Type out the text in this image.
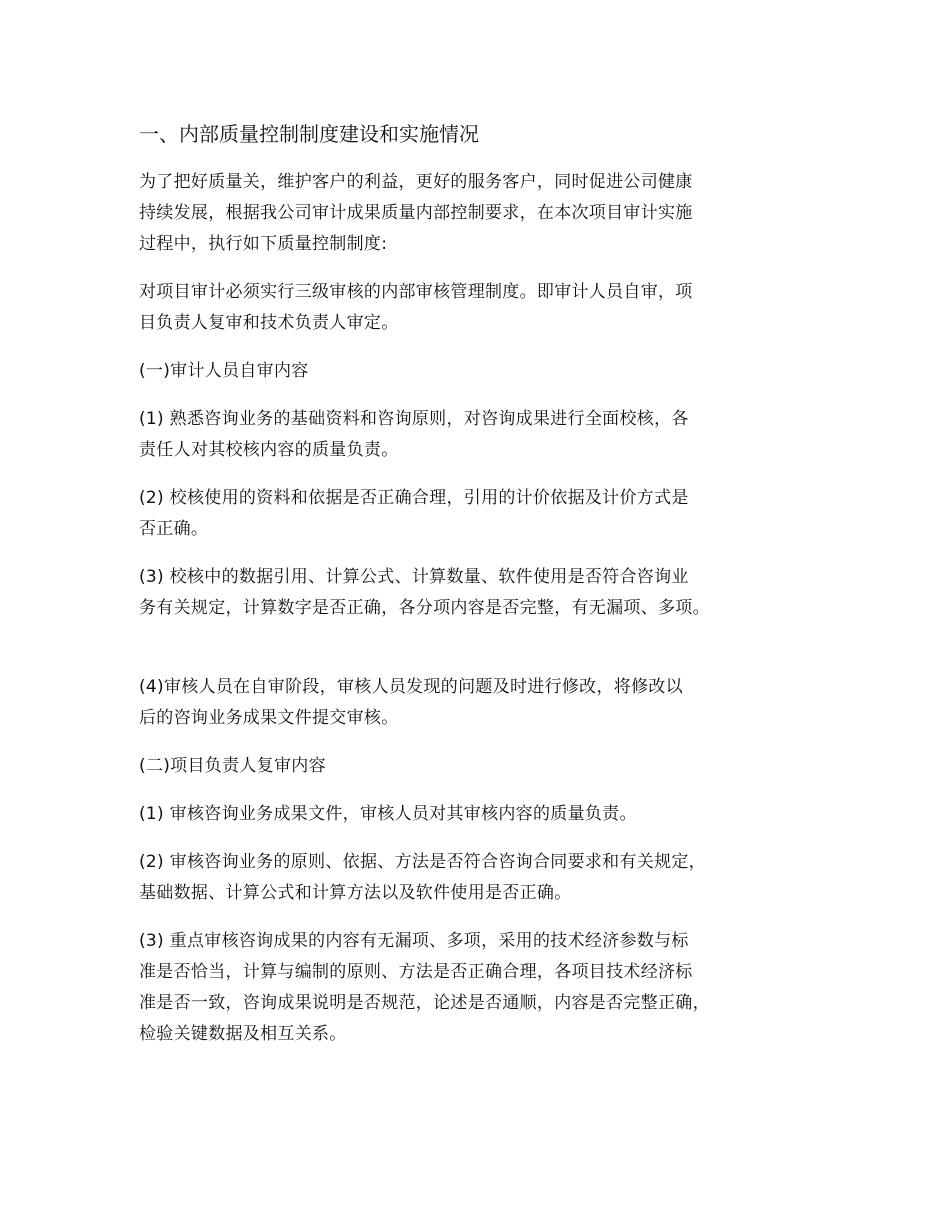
一、内部质量控制制度建设和实施情况
为了把好质量关，维护客户的利益，更好的服务客户，同时促进公司健康
持续发展，根据我公司审计成果质量内部控制要求，在本次项目审计实施
过程中，执行如下质量控制制度:
对项目审计必须实行三级审核的内部审核管理制度。即审计人员自审，项
目负责人复审和技术负责人审定。
(一)审计人员自审内容
(1) 熟悉咨询业务的基础资料和咨询原则，对咨询成果进行全面校核，各
责任人对其校核内容的质量负责。
(2) 校核使用的资料和依据是否正确合理，引用的计价依据及计价方式是
否正确。
(3) 校核中的数据引用、计算公式、计算数量、软件使用是否符合咨询业
务有关规定，计算数字是否正确，各分项内容是否完整，有无漏项、多项。
(4)审核人员在自审阶段，审核人员发现的问题及时进行修改，将修改以
后的咨询业务成果文件提交审核。
(二)项目负责人复审内容
(1) 审核咨询业务成果文件，审核人员对其审核内容的质量负责。
(2) 审核咨询业务的原则、依据、方法是否符合咨询合同要求和有关规定，
基础数据、计算公式和计算方法以及软件使用是否正确。
(3) 重点审核咨询成果的内容有无漏项、多项，采用的技术经济参数与标
准是否恰当，计算与编制的原则、方法是否正确合理，各项目技术经济标
准是否一致，咨询成果说明是否规范，论述是否通顺，内容是否完整正确，
检验关键数据及相互关系。
